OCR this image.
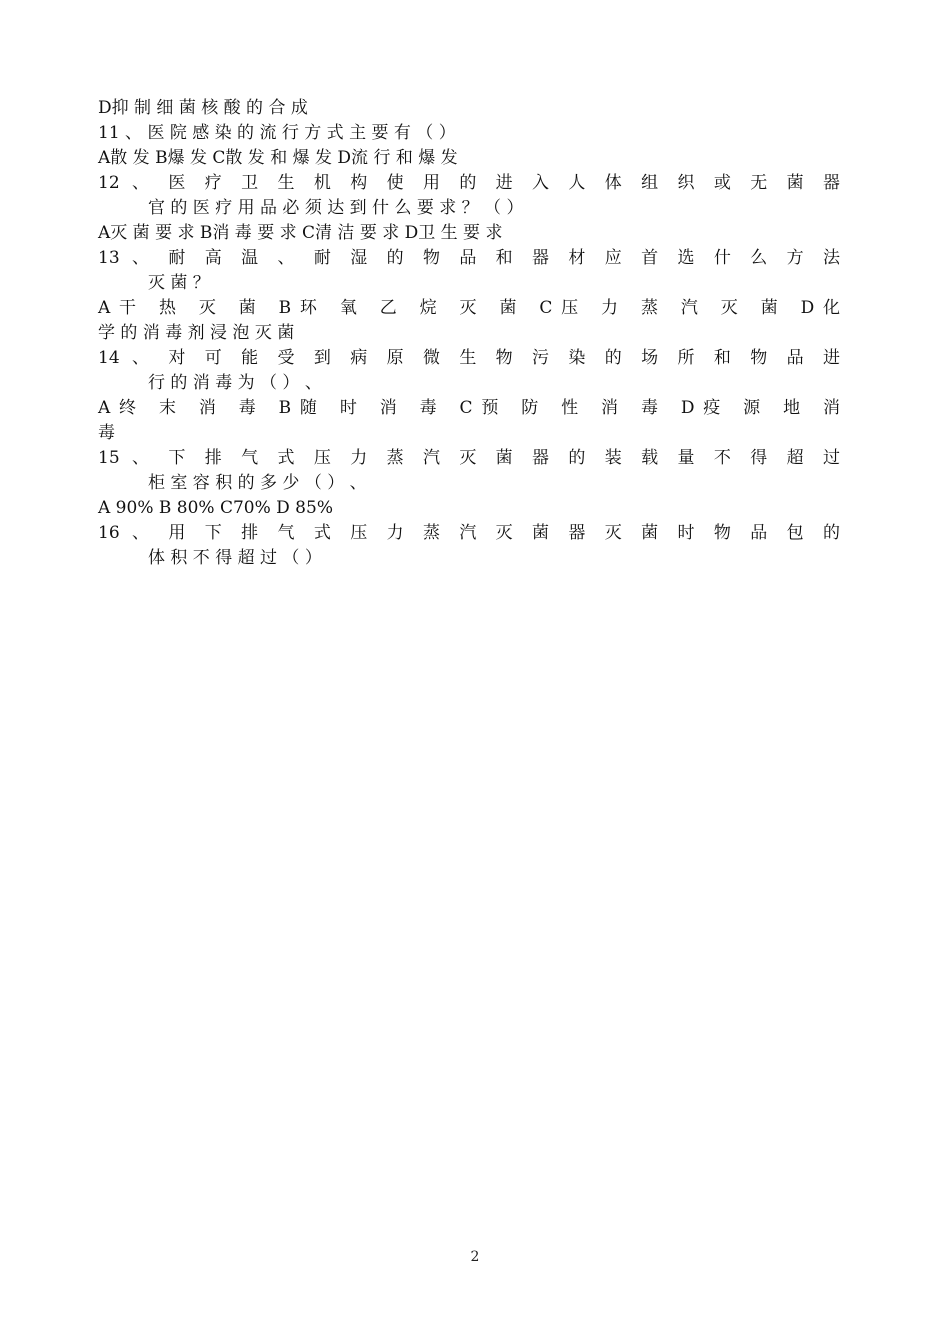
D抑 制 细 菌 核 酸 的 合 成
11 、 医 院 感 染 的 流 行 方 式 主 要 有 （ ）
A散 发 B爆 发 C散 发 和 爆 发 D流 行 和 爆 发
12 、 医 疗 卫 生 机 构 使 用 的 进 入 人 体 组 织 或 无 菌 器
官 的 医 疗 用 品 必 须 达 到 什 么 要 求 ？ （ ）
A灭 菌 要 求 B消 毒 要 求 C清 洁 要 求 D卫 生 要 求
13 、 耐 高 温 、 耐 湿 的 物 品 和 器 材 应 首 选 什 么 方 法
灭 菌 ？
A干 热 灭 菌 B环 氧 乙 烷 灭 菌 C压 力 蒸 汽 灭 菌 D化
学 的 消 毒 剂 浸 泡 灭 菌
14 、 对 可 能 受 到 病 原 微 生 物 污 染 的 场 所 和 物 品 进
行 的 消 毒 为 （ ） 、
A终 末 消 毒 B随 时 消 毒 C预 防 性 消 毒 D疫 源 地 消
毒
15 、 下 排 气 式 压 力 蒸 汽 灭 菌 器 的 装 载 量 不 得 超 过
柜 室 容 积 的 多 少 （ ） 、
A 90% B 80% C70% D 85%
16 、 用 下 排 气 式 压 力 蒸 汽 灭 菌 器 灭 菌 时 物 品 包 的
体 积 不 得 超 过 （ ）
2
